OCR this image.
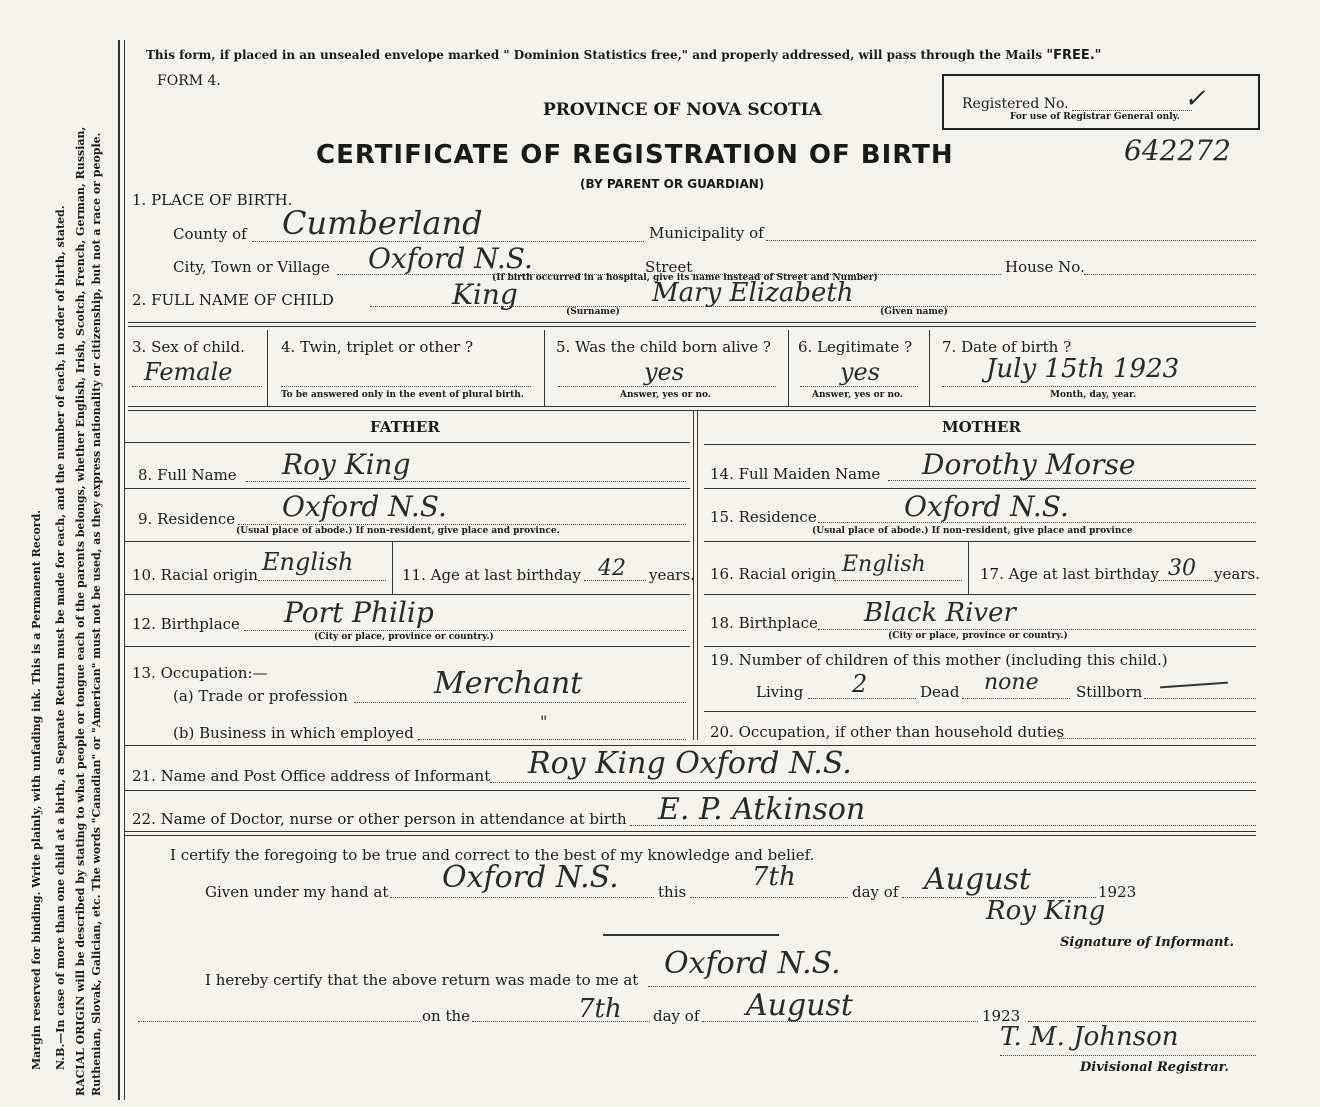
Margin reserved for binding. Write plainly, with unfading ink. This is a Permanent Record. N.B.—In case of more than one child at a birth, a Separate Return must be made for each, and the number of each, in order of birth, stated. RACIAL ORIGIN will be described by stating to what people or tongue each of the parents belongs, whether English, Irish, Scotch, French, German, Russian, Ruthenian, Slovak, Galician, etc. The words "Canadian" or "American" must not be used, as they express nationality or citizenship, but not a race or people.
This form, if placed in an unsealed envelope marked " Dominion Statistics free," and properly addressed, will pass through the Mails "FREE."
FORM 4.
PROVINCE OF NOVA SCOTIA
CERTIFICATE OF REGISTRATION OF BIRTH
(BY PARENT OR GUARDIAN)
Registered No.
For use of Registrar General only.
✓
642272
1. PLACE OF BIRTH.
County of Cumberland	Municipality of
City, Town or Village Oxford N.S.	Street	House No.
(If birth occurred in a hospital, give its name instead of Street and Number)
2. FULL NAME OF CHILD	King	Mary Elizabeth
(Surname)	(Given name)
3. Sex of child.
Female
4. Twin, triplet or other ?
To be answered only in the event of plural birth.
5. Was the child born alive ?
yes
Answer, yes or no.
6. Legitimate ?
yes
Answer, yes or no.
7. Date of birth ?
July 15th 1923
Month, day, year.
FATHER	MOTHER
8. Full Name Roy King
9. Residence Oxford N.S.
(Usual place of abode.) If non-resident, give place and province.
10. Racial origin English	11. Age at last birthday 42 years.
12. Birthplace Port Philip
(City or place, province or country.)
13. Occupation:—
(a) Trade or profession	Merchant
(b) Business in which employed
"
14. Full Maiden Name Dorothy Morse
15. Residence	Oxford N.S.
(Usual place of abode.) If non-resident, give place and province
16. Racial origin English	17. Age at last birthday 30 years.
18. Birthplace Black River
(City or place, province or country.)
19. Number of children of this mother (including this child.)
Living 2	Dead none Stillborn
20. Occupation, if other than household duties
21. Name and Post Office address of Informant Roy King Oxford N.S.
22. Name of Doctor, nurse or other person in attendance at birth E. P. Atkinson
I certify the foregoing to be true and correct to the best of my knowledge and belief.
Given under my hand at Oxford N.S.	this	7th	day of August	1923
Roy King
Signature of Informant.
I hereby certify that the above return was made to me at Oxford N.S.
on the	7th day of August	1923
T. M. Johnson
Divisional Registrar.
